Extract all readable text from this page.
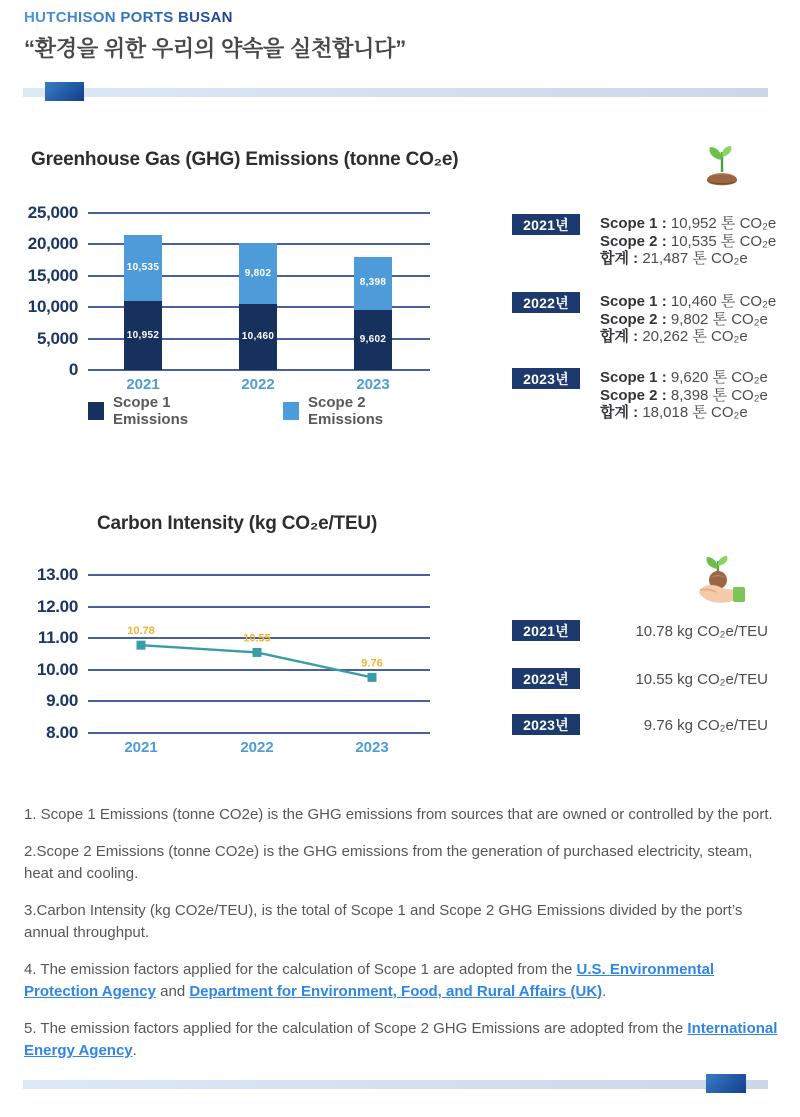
HUTCHISON PORTS BUSAN
“환경을 위한 우리의 약속을 실천합니다”
Greenhouse Gas (GHG) Emissions (tonne CO₂e)
25,000
20,000
15,000
10,000
5,000
0
10,952
10,535
2021
10,460
9,802
2022
9,602
8,398
2023
Scope 1 Emissions
Scope 2 Emissions
2021년	Scope 1 : 10,952 톤 CO₂e
Scope 2 : 10,535 톤 CO₂e
합계 : 21,487 톤 CO₂e
2022년	Scope 1 : 10,460 톤 CO₂e
Scope 2 : 9,802 톤 CO₂e
합계 : 20,262 톤 CO₂e
2023년	Scope 1 : 9,620 톤 CO₂e
Scope 2 : 8,398 톤 CO₂e
합계 : 18,018 톤 CO₂e
Carbon Intensity (kg CO₂e/TEU)
13.00
12.00
11.00
10.00
9.00
8.00
10.78
10.55
9.76
2021	2022	2023
2021년	10.78 kg CO₂e/TEU
2022년	10.55 kg CO₂e/TEU
2023년	9.76 kg CO₂e/TEU

1. Scope 1 Emissions (tonne CO2e) is the GHG emissions from sources that are owned or controlled by the port.

2.Scope 2 Emissions (tonne CO2e) is the GHG emissions from the generation of purchased electricity, steam, heat and cooling.

3.Carbon Intensity (kg CO2e/TEU), is the total of Scope 1 and Scope 2 GHG Emissions divided by the port’s annual throughput.

4. The emission factors applied for the calculation of Scope 1 are adopted from the U.S. Environmental Protection Agency and Department for Environment, Food, and Rural Affairs (UK).

5. The emission factors applied for the calculation of Scope 2 GHG Emissions are adopted from the International Energy Agency.
